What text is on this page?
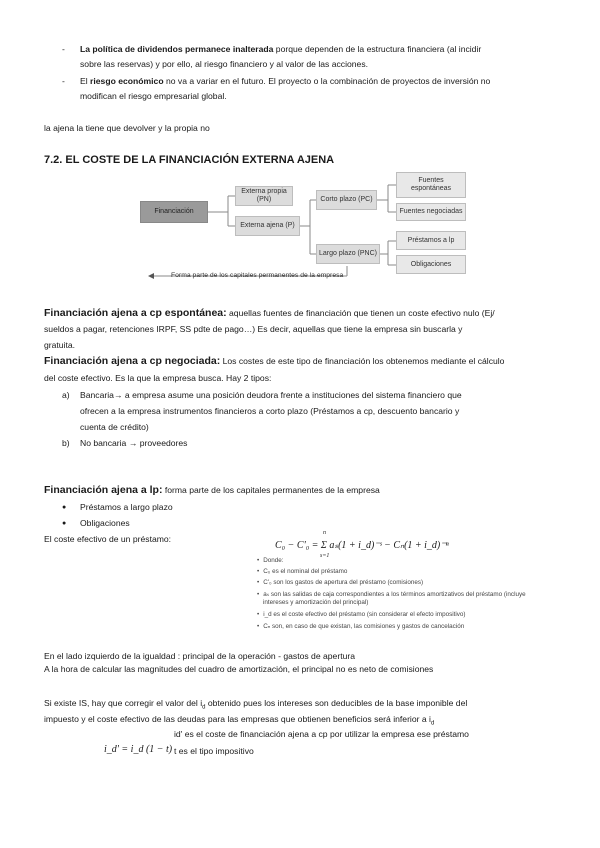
- La política de dividendos permanece inalterada porque dependen de la estructura financiera (al incidir
sobre las reservas) y por ello, al riesgo financiero y al valor de las acciones.
- El riesgo económico no va a variar en el futuro. El proyecto o la combinación de proyectos de inversión no
modifican el riesgo empresarial global.
la ajena la tiene que devolver y la propia no
7.2. EL COSTE DE LA FINANCIACIÓN EXTERNA AJENA
Financiación
Externa propia (PN)
Externa ajena (P)
Corto plazo (PC)
Largo plazo (PNC)
Fuentes espontáneas
Fuentes negociadas
Préstamos a lp
Obligaciones
Forma parte de los capitales permanentes de la empresa
Financiación ajena a cp espontánea: aquellas fuentes de financiación que tienen un coste efectivo nulo (Ej/
sueldos a pagar, retenciones IRPF, SS pdte de pago…) Es decir, aquellas que tiene la empresa sin buscarla y
gratuita.
Financiación ajena a cp negociada: Los costes de este tipo de financiación los obtenemos mediante el cálculo
del coste efectivo. Es la que la empresa busca. Hay 2 tipos:
a) Bancaria→ a empresa asume una posición deudora frente a instituciones del sistema financiero que
ofrecen a la empresa instrumentos financieros a corto plazo (Préstamos a cp, descuento bancario y
cuenta de crédito)
b) No bancaria → proveedores
Financiación ajena a lp: forma parte de los capitales permanentes de la empresa
● Préstamos a largo plazo
● Obligaciones
El coste efectivo de un préstamo:
C₀ − C'₀ = Σ aₛ(1 + i_d)⁻ˢ − Cₙ(1 + i_d)⁻ⁿ
n
s=1
• Donde:
• C₀ es el nominal del préstamo
• C'₀ son los gastos de apertura del préstamo (comisiones)
• aₛ son las salidas de caja correspondientes a los términos amortizativos del préstamo (incluye
intereses y amortización del principal)
• i_d es el coste efectivo del préstamo (sin considerar el efecto impositivo)
• Cₙ son, en caso de que existan, las comisiones y gastos de cancelación
En el lado izquierdo de la igualdad : principal de la operación - gastos de apertura
A la hora de calcular las magnitudes del cuadro de amortización, el principal no es neto de comisiones
Si existe IS, hay que corregir el valor del $i_d$ obtenido pues los intereses son deducibles de la base imponible del
impuesto y el coste efectivo de las deudas para las empresas que obtienen beneficios será inferior a $i_d$
id' es el coste de financiación ajena a cp por utilizar la empresa ese préstamo
i_d' = i_d (1 − t) t es el tipo impositivo
